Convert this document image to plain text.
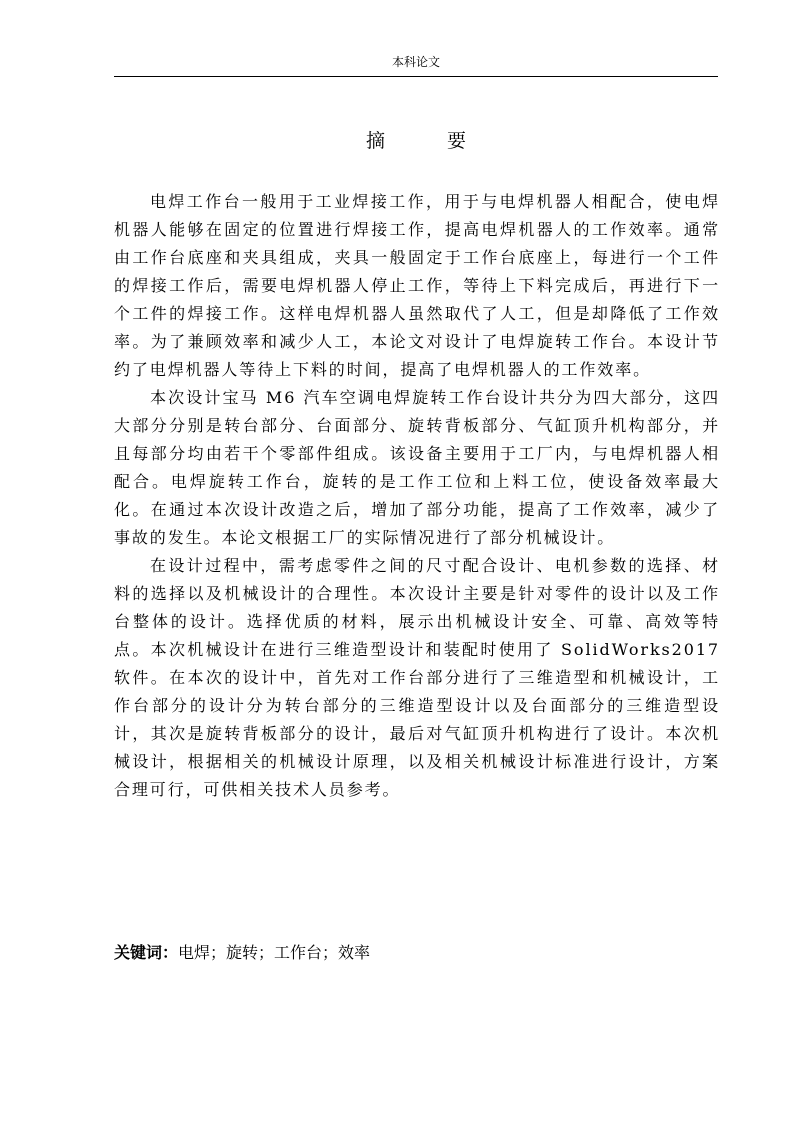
本科论文
摘 要

电焊工作台一般用于工业焊接工作，用于与电焊机器人相配合，使电焊机器人能够在固定的位置进行焊接工作，提高电焊机器人的工作效率。通常由工作台底座和夹具组成，夹具一般固定于工作台底座上，每进行一个工件的焊接工作后，需要电焊机器人停止工作，等待上下料完成后，再进行下一个工件的焊接工作。这样电焊机器人虽然取代了人工，但是却降低了工作效率。为了兼顾效率和减少人工，本论文对设计了电焊旋转工作台。本设计节约了电焊机器人等待上下料的时间，提高了电焊机器人的工作效率。

本次设计宝马 M6 汽车空调电焊旋转工作台设计共分为四大部分，这四大部分分别是转台部分、台面部分、旋转背板部分、气缸顶升机构部分，并且每部分均由若干个零部件组成。该设备主要用于工厂内，与电焊机器人相配合。电焊旋转工作台，旋转的是工作工位和上料工位，使设备效率最大化。在通过本次设计改造之后，增加了部分功能，提高了工作效率，减少了事故的发生。本论文根据工厂的实际情况进行了部分机械设计。

在设计过程中，需考虑零件之间的尺寸配合设计、电机参数的选择、材料的选择以及机械设计的合理性。本次设计主要是针对零件的设计以及工作台整体的设计。选择优质的材料，展示出机械设计安全、可靠、高效等特点。本次机械设计在进行三维造型设计和装配时使用了 SolidWorks2017 软件。在本次的设计中，首先对工作台部分进行了三维造型和机械设计，工作台部分的设计分为转台部分的三维造型设计以及台面部分的三维造型设计，其次是旋转背板部分的设计，最后对气缸顶升机构进行了设计。本次机械设计，根据相关的机械设计原理，以及相关机械设计标准进行设计，方案合理可行，可供相关技术人员参考。

关键词：电焊；旋转；工作台；效率
